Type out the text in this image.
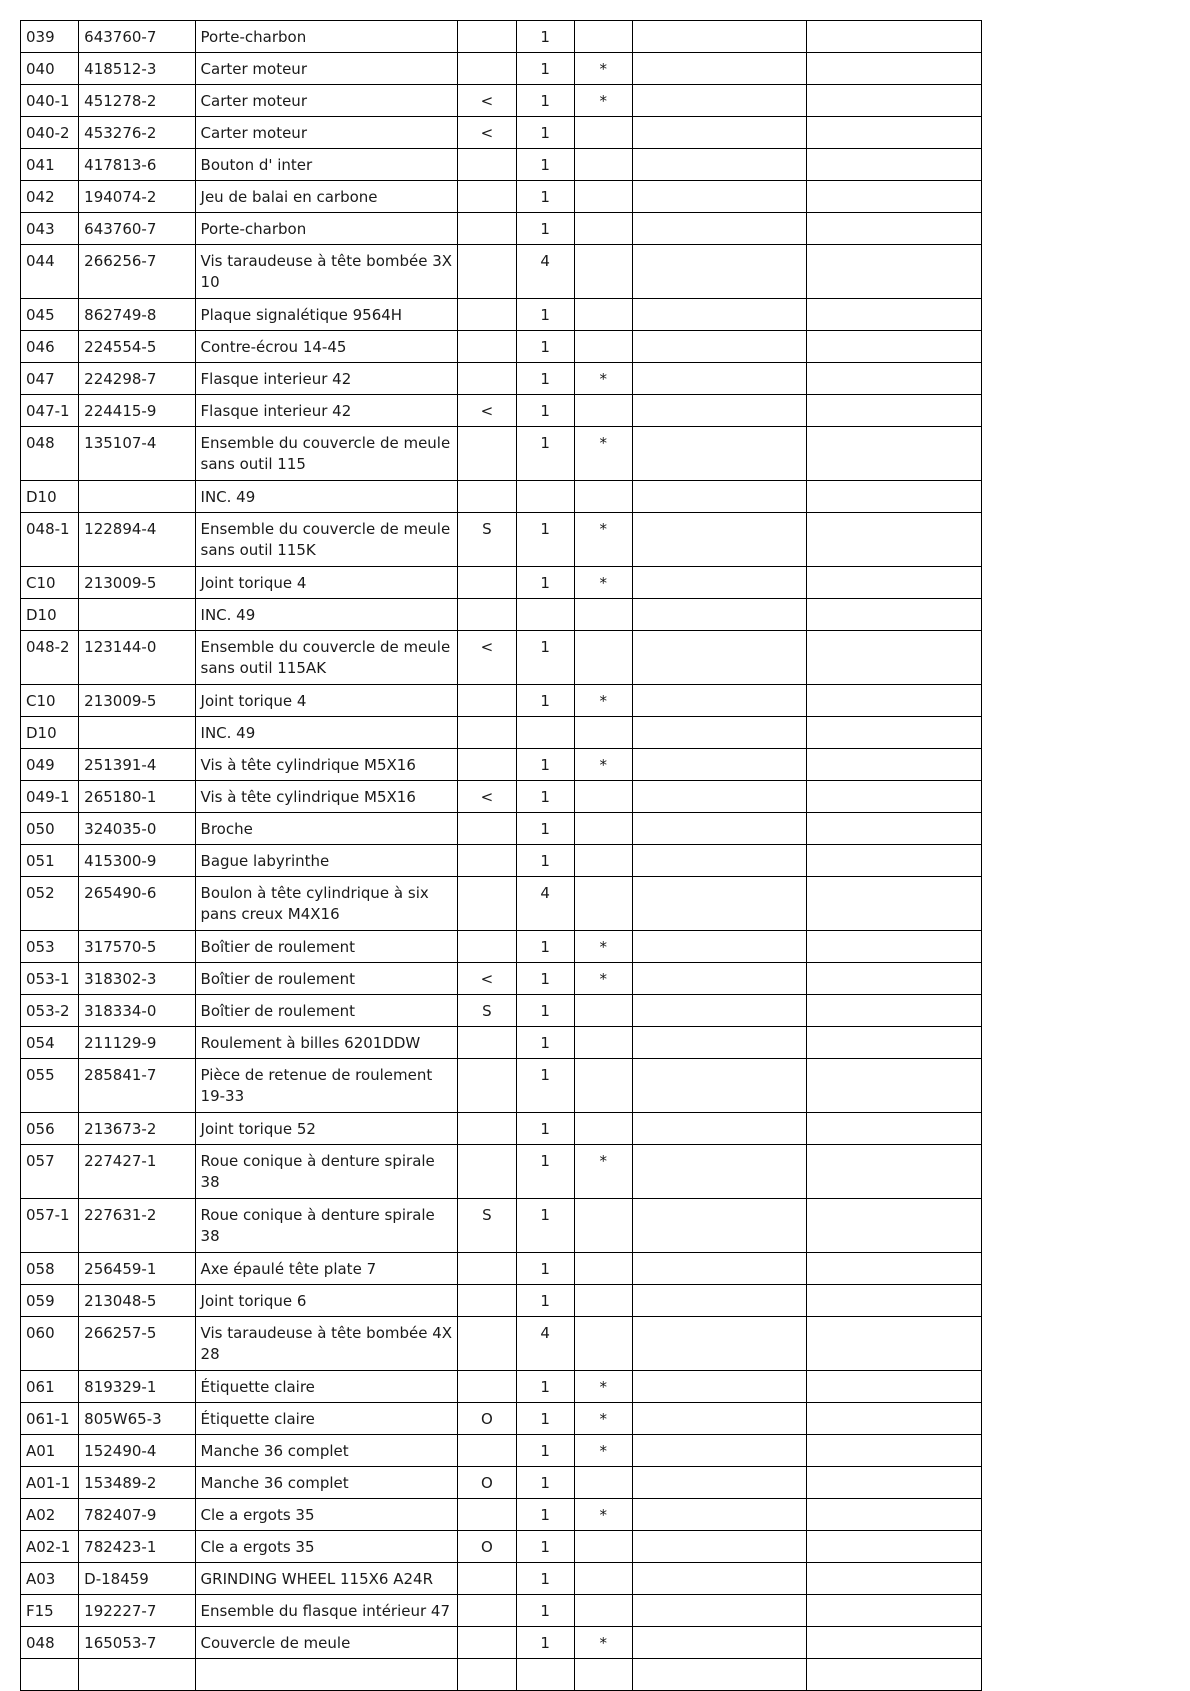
039	643760-7	Porte-charbon		1			
040	418512-3	Carter moteur		1	*		
040-1	451278-2	Carter moteur	<	1	*		
040-2	453276-2	Carter moteur	<	1			
041	417813-6	Bouton d' inter		1			
042	194074-2	Jeu de balai en carbone		1			
043	643760-7	Porte-charbon		1			
044	266256-7	Vis taraudeuse à tête bombée 3X 10		4			
045	862749-8	Plaque signalétique 9564H		1			
046	224554-5	Contre-écrou 14-45		1			
047	224298-7	Flasque interieur 42		1	*		
047-1	224415-9	Flasque interieur 42	<	1			
048	135107-4	Ensemble du couvercle de meule sans outil 115		1	*		
D10		INC. 49					
048-1	122894-4	Ensemble du couvercle de meule sans outil 115K	S	1	*		
C10	213009-5	Joint torique 4		1	*		
D10		INC. 49					
048-2	123144-0	Ensemble du couvercle de meule sans outil 115AK	<	1			
C10	213009-5	Joint torique 4		1	*		
D10		INC. 49					
049	251391-4	Vis à tête cylindrique M5X16		1	*		
049-1	265180-1	Vis à tête cylindrique M5X16	<	1			
050	324035-0	Broche		1			
051	415300-9	Bague labyrinthe		1			
052	265490-6	Boulon à tête cylindrique à six pans creux M4X16		4			
053	317570-5	Boîtier de roulement		1	*		
053-1	318302-3	Boîtier de roulement	<	1	*		
053-2	318334-0	Boîtier de roulement	S	1			
054	211129-9	Roulement à billes 6201DDW		1			
055	285841-7	Pièce de retenue de roulement 19-33		1			
056	213673-2	Joint torique 52		1			
057	227427-1	Roue conique à denture spirale 38		1	*		
057-1	227631-2	Roue conique à denture spirale 38	S	1			
058	256459-1	Axe épaulé tête plate 7		1			
059	213048-5	Joint torique 6		1			
060	266257-5	Vis taraudeuse à tête bombée 4X 28		4			
061	819329-1	Étiquette claire		1	*		
061-1	805W65-3	Étiquette claire	O	1	*		
A01	152490-4	Manche 36 complet		1	*		
A01-1	153489-2	Manche 36 complet	O	1			
A02	782407-9	Cle a ergots 35		1	*		
A02-1	782423-1	Cle a ergots 35	O	1			
A03	D-18459	GRINDING WHEEL 115X6 A24R		1			
F15	192227-7	Ensemble du flasque intérieur 47		1			
048	165053-7	Couvercle de meule		1	*		
